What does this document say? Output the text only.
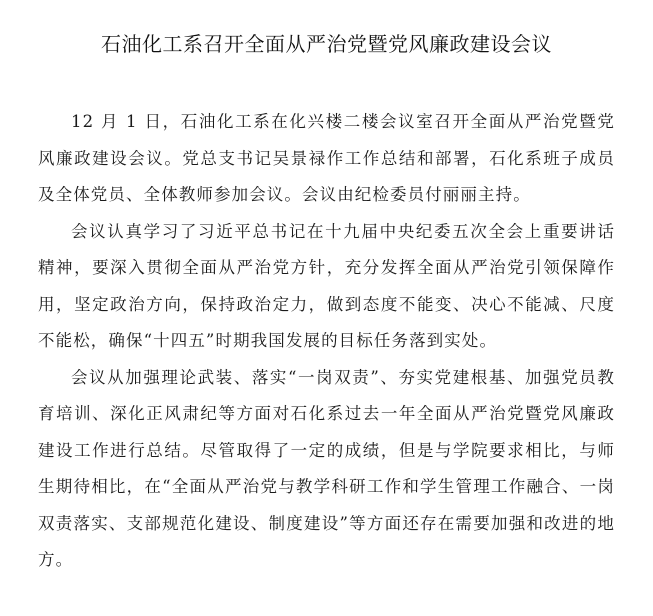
石油化工系召开全面从严治党暨党风廉政建设会议

12 月 1 日，石油化工系在化兴楼二楼会议室召开全面从严治党暨党风廉政建设会议。党总支书记吴景禄作工作总结和部署，石化系班子成员及全体党员、全体教师参加会议。会议由纪检委员付丽丽主持。

会议认真学习了习近平总书记在十九届中央纪委五次全会上重要讲话精神，要深入贯彻全面从严治党方针，充分发挥全面从严治党引领保障作用，坚定政治方向，保持政治定力，做到态度不能变、决心不能减、尺度不能松，确保“十四五”时期我国发展的目标任务落到实处。

会议从加强理论武装、落实“一岗双责”、夯实党建根基、加强党员教育培训、深化正风肃纪等方面对石化系过去一年全面从严治党暨党风廉政建设工作进行总结。尽管取得了一定的成绩，但是与学院要求相比，与师生期待相比，在“全面从严治党与教学科研工作和学生管理工作融合、一岗双责落实、支部规范化建设、制度建设”等方面还存在需要加强和改进的地方。
